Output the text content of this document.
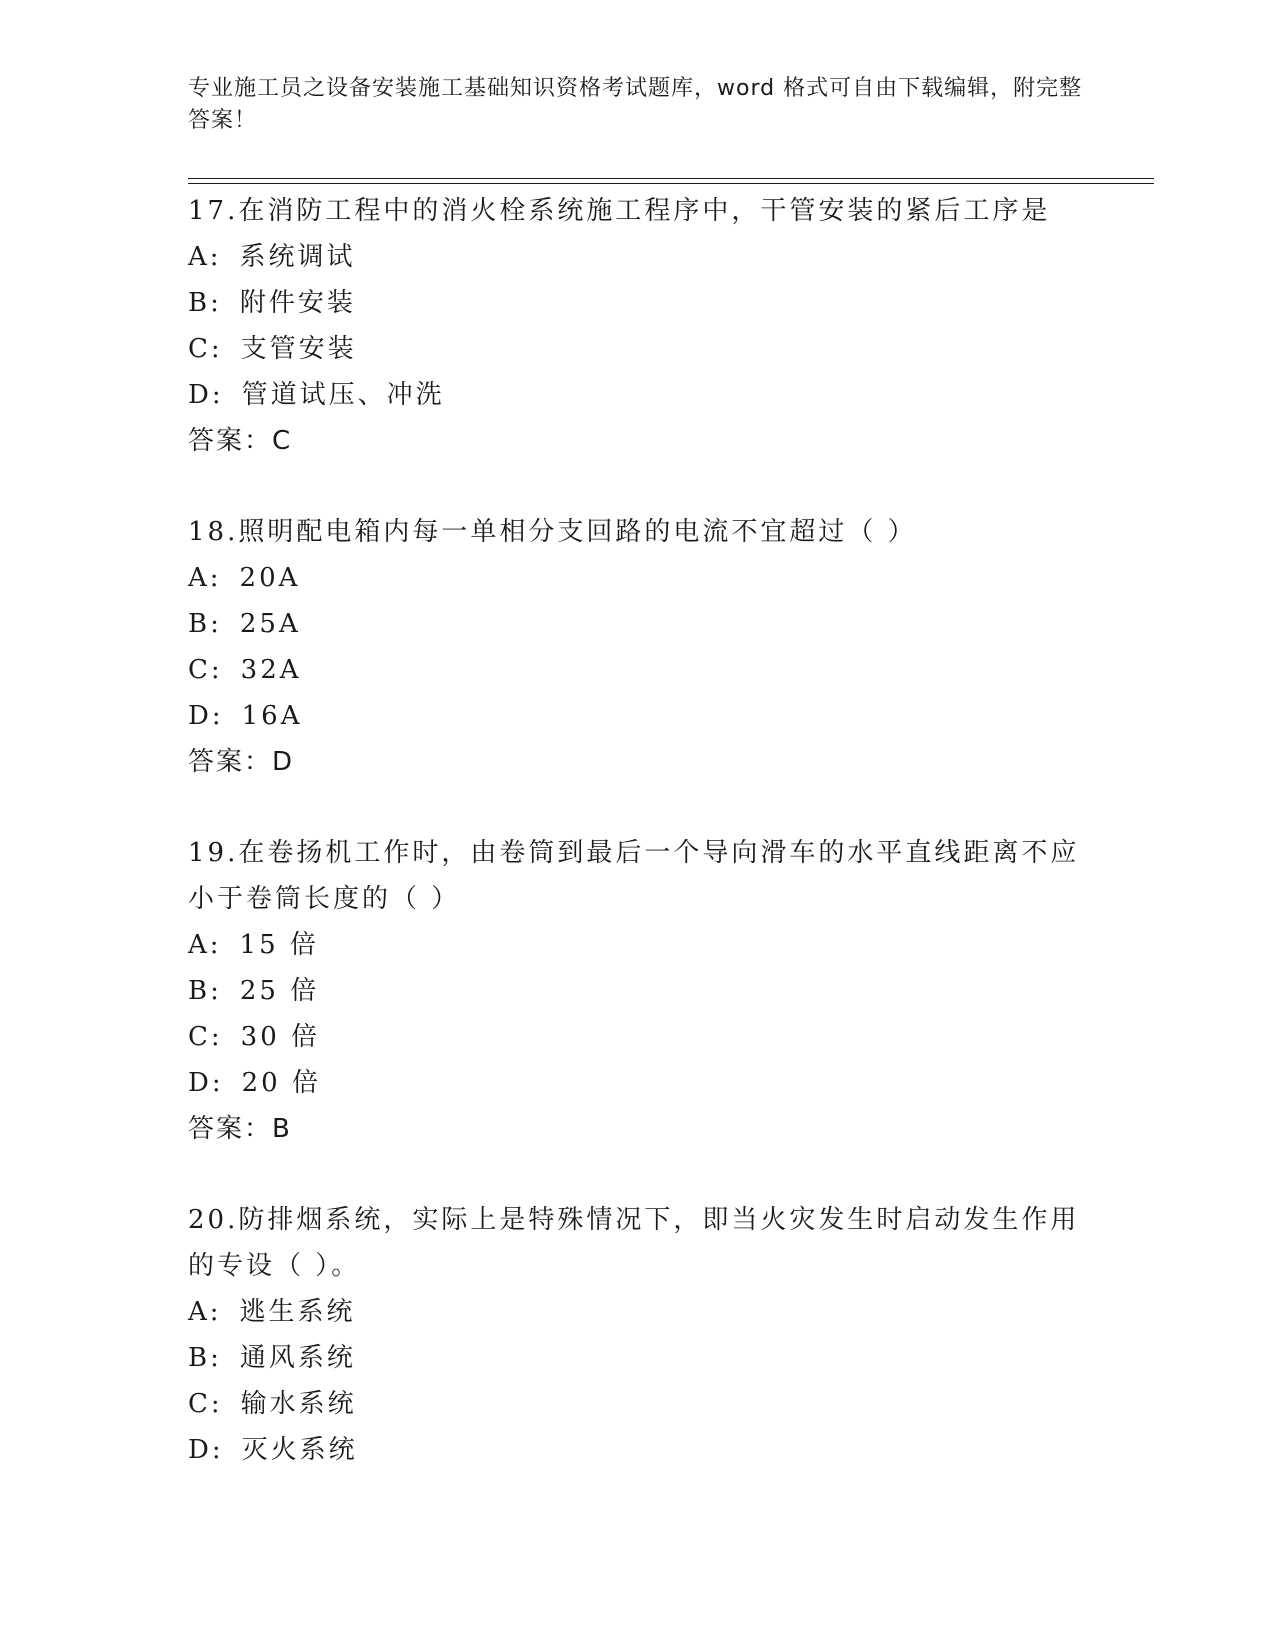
专业施工员之设备安装施工基础知识资格考试题库，word 格式可自由下载编辑，附完整答案！
17.在消防工程中的消火栓系统施工程序中，干管安装的紧后工序是
A: 系统调试
B: 附件安装
C: 支管安装
D: 管道试压、冲洗
答案：C
18.照明配电箱内每一单相分支回路的电流不宜超过（ ）
A: 20A
B: 25A
C: 32A
D: 16A
答案：D
19.在卷扬机工作时，由卷筒到最后一个导向滑车的水平直线距离不应小于卷筒长度的（ ）
A: 15 倍
B: 25 倍
C: 30 倍
D: 20 倍
答案：B
20.防排烟系统，实际上是特殊情况下，即当火灾发生时启动发生作用的专设（ ）。
A: 逃生系统
B: 通风系统
C: 输水系统
D: 灭火系统
